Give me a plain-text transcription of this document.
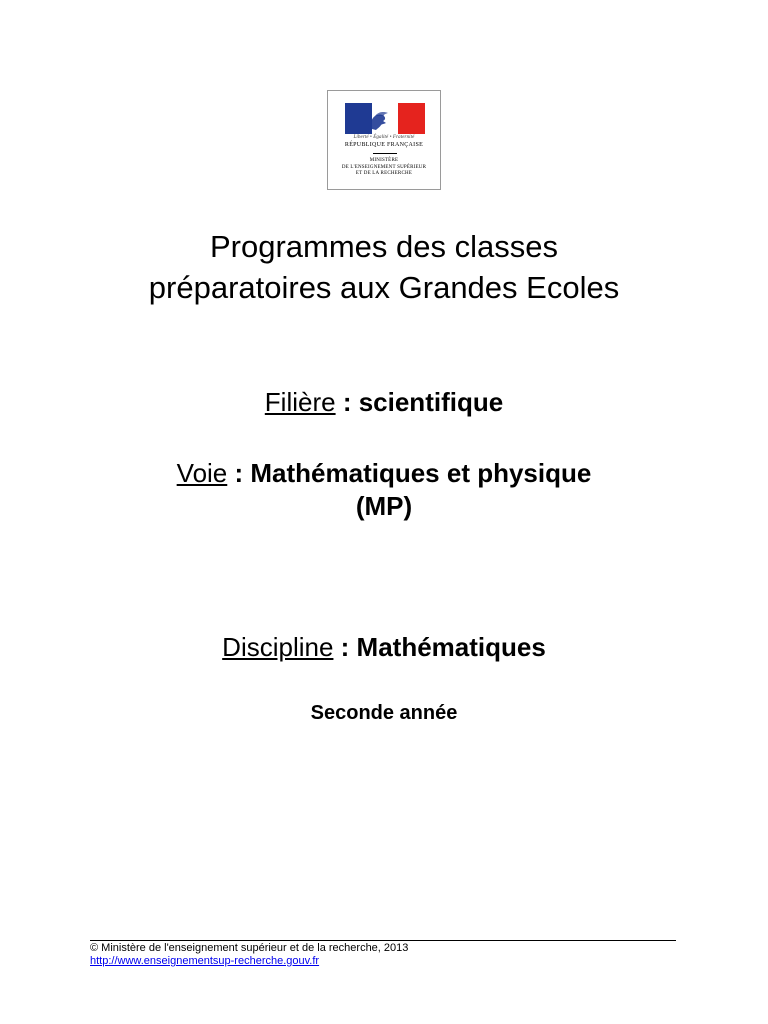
Liberté • Égalité • Fraternité
RÉPUBLIQUE FRANÇAISE
MINISTÈRE
DE L'ENSEIGNEMENT SUPÉRIEUR
ET DE LA RECHERCHE
Programmes des classes
préparatoires aux Grandes Ecoles
Filière : scientifique
Voie : Mathématiques et physique
(MP)
Discipline : Mathématiques
Seconde année
© Ministère de l'enseignement supérieur et de la recherche, 2013
http://www.enseignementsup-recherche.gouv.fr
